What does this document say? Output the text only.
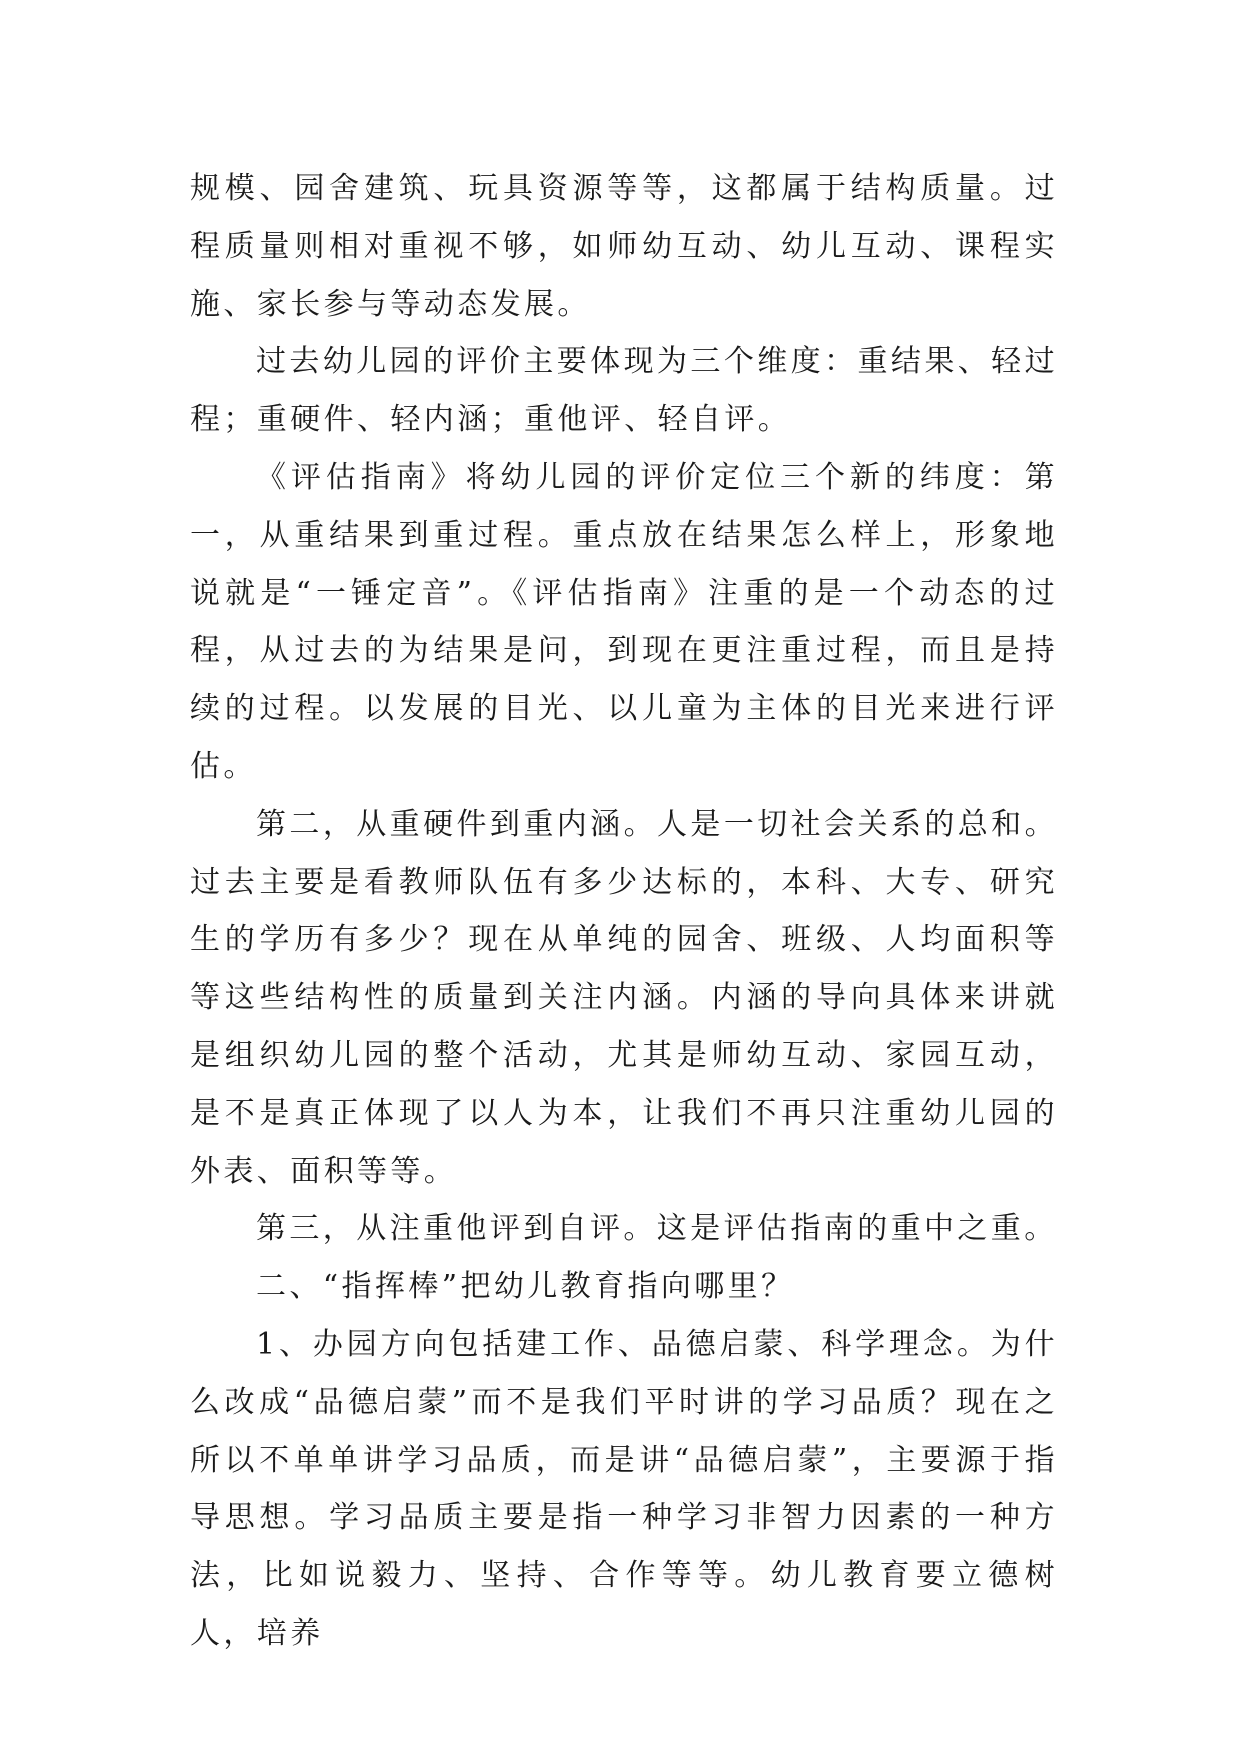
规模、园舍建筑、玩具资源等等，这都属于结构质量。过程质量则相对重视不够，如师幼互动、幼儿互动、课程实施、家长参与等动态发展。

过去幼儿园的评价主要体现为三个维度：重结果、轻过程；重硬件、轻内涵；重他评、轻自评。

《评估指南》将幼儿园的评价定位三个新的纬度：第一，从重结果到重过程。重点放在结果怎么样上，形象地说就是“一锤定音”。《评估指南》注重的是一个动态的过程，从过去的为结果是问，到现在更注重过程，而且是持续的过程。以发展的目光、以儿童为主体的目光来进行评估。

第二，从重硬件到重内涵。人是一切社会关系的总和。过去主要是看教师队伍有多少达标的，本科、大专、研究生的学历有多少？现在从单纯的园舍、班级、人均面积等等这些结构性的质量到关注内涵。内涵的导向具体来讲就是组织幼儿园的整个活动，尤其是师幼互动、家园互动，是不是真正体现了以人为本，让我们不再只注重幼儿园的外表、面积等等。

第三，从注重他评到自评。这是评估指南的重中之重。

二、“指挥棒”把幼儿教育指向哪里？

1、办园方向包括建工作、品德启蒙、科学理念。为什么改成“品德启蒙”而不是我们平时讲的学习品质？现在之所以不单单讲学习品质，而是讲“品德启蒙”，主要源于指导思想。学习品质主要是指一种学习非智力因素的一种方法，比如说毅力、坚持、合作等等。幼儿教育要立德树人，培养
